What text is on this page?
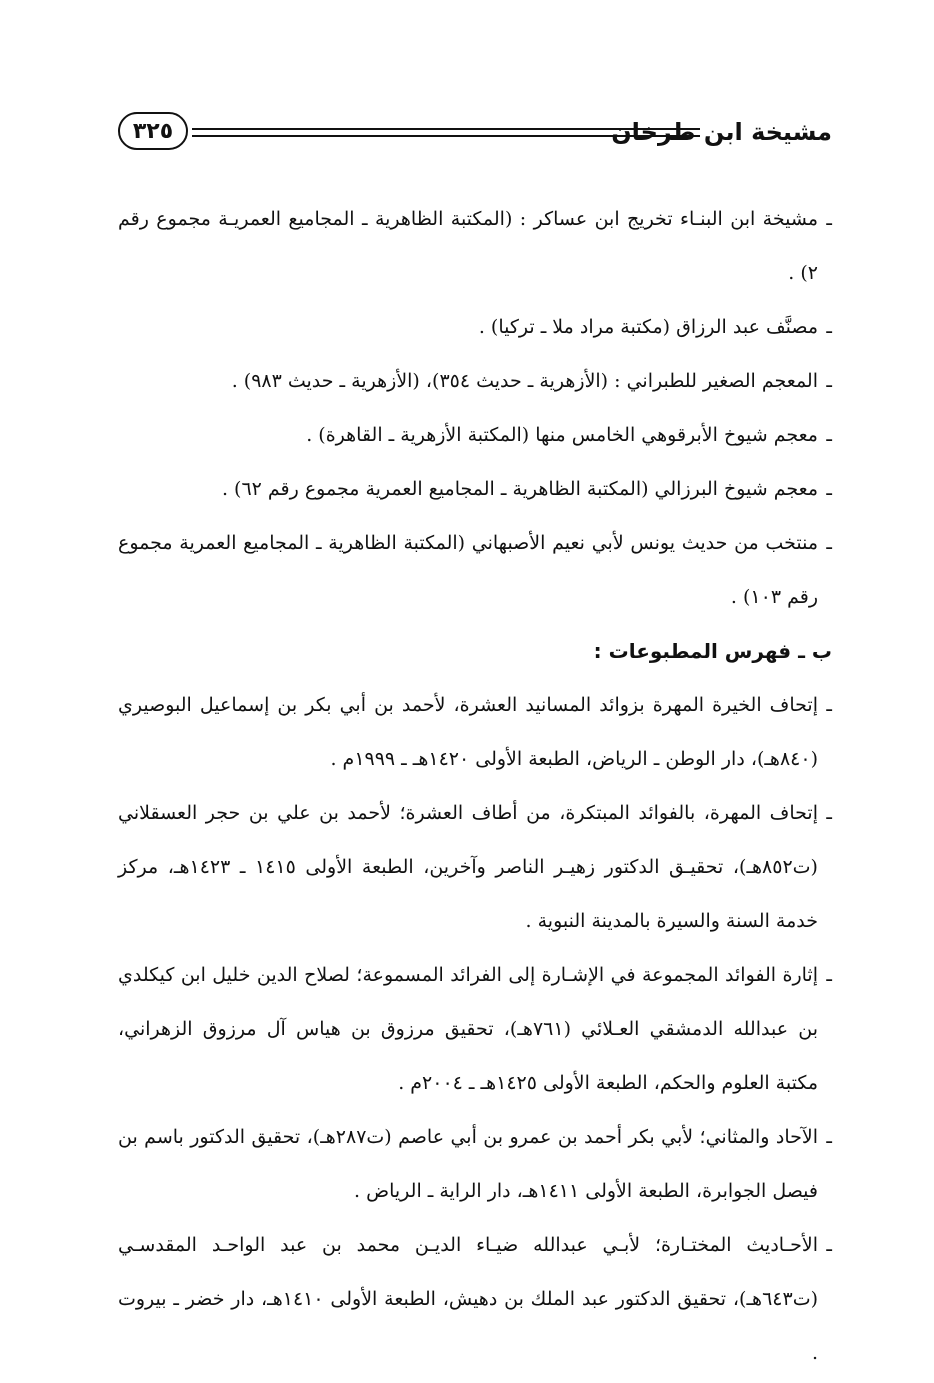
مشيخة ابن طرخان
٣٢٥

ـ
مشيخة ابن البنـاء تخريج ابن عساكر : (المكتبة الظاهرية ـ المجاميع العمريـة مجموع رقم ٢) .

ـ
مصنَّف عبد الرزاق (مكتبة مراد ملا ـ تركيا) .

ـ
المعجم الصغير للطبراني : (الأزهرية ـ حديث ٣٥٤)، (الأزهرية ـ حديث ٩٨٣) .

ـ
معجم شيوخ الأبرقوهي الخامس منها (المكتبة الأزهرية ـ القاهرة) .

ـ
معجم شيوخ البرزالي (المكتبة الظاهرية ـ المجاميع العمرية مجموع رقم ٦٢) .

ـ
منتخب من حديث يونس لأبي نعيم الأصبهاني (المكتبة الظاهرية ـ المجاميع العمرية مجموع رقم ١٠٣) .

ب ـ فهرس المطبوعات :

ـ
إتحاف الخيرة المهرة بزوائد المسانيد العشرة، لأحمد بن أبي بكر بن إسماعيل البوصيري (٨٤٠هـ)، دار الوطن ـ الرياض، الطبعة الأولى ١٤٢٠هـ ـ ١٩٩٩م .

ـ
إتحاف المهرة، بالفوائد المبتكرة، من أطاف العشرة؛ لأحمد بن علي بن حجر العسقلاني (ت٨٥٢هـ)، تحقيـق الدكتور زهيـر الناصر وآخرين، الطبعة الأولى ١٤١٥ ـ ١٤٢٣هـ، مركز خدمة السنة والسيرة بالمدينة النبوية .

ـ
إثارة الفوائد المجموعة في الإشـارة إلى الفرائد المسموعة؛ لصلاح الدين خليل ابن كيكلدي بن عبدالله الدمشقي العـلائي (٧٦١هـ)، تحقيق مرزوق بن هياس آل مرزوق الزهراني، مكتبة العلوم والحكم، الطبعة الأولى ١٤٢٥هـ ـ ٢٠٠٤م .

ـ
الآحاد والمثاني؛ لأبي بكر أحمد بن عمرو بن أبي عاصم (ت٢٨٧هـ)، تحقيق الدكتور باسم بن فيصل الجوابرة، الطبعة الأولى ١٤١١هـ، دار الراية ـ الرياض .

ـ
الأحـاديث المختـارة؛ لأبـي عبدالله ضيـاء الديـن محمد بن عبد الواحـد المقدسـي (ت٦٤٣هـ)، تحقيق الدكتور عبد الملك بن دهيش، الطبعة الأولى ١٤١٠هـ، دار خضر ـ بيروت .
